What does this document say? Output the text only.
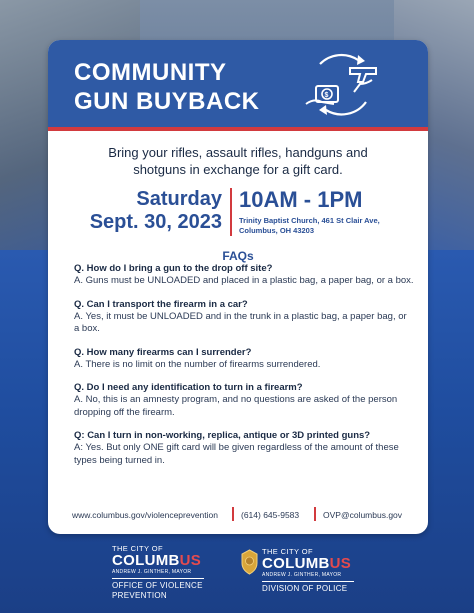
COMMUNITY
GUN BUYBACK	$
Bring your rifles, assault rifles, handguns and shotguns in exchange for a gift card.
Saturday
Sept. 30, 2023
10AM - 1PM
Trinity Baptist Church, 461 St Clair Ave,
Columbus, OH 43203
FAQs
Q. How do I bring a gun to the drop off site?
A. Guns must be UNLOADED and placed in a plastic bag, a paper bag, or a box.
Q. Can I transport the firearm in a car?
A. Yes, it must be UNLOADED and in the trunk in a plastic bag, a paper bag, or a box.
Q. How many firearms can I surrender?
A. There is no limit on the number of firearms surrendered.
Q. Do I need any identification to turn in a firearm?
A. No, this is an amnesty program, and no questions are asked of the person dropping off the firearm.
Q: Can I turn in non-working, replica, antique or 3D printed guns?
A: Yes. But only ONE gift card will be given regardless of the amount of these types being turned in.
www.columbus.gov/violenceprevention	(614) 645-9583	OVP@columbus.gov
THE CITY OF
COLUMBUS
ANDREW J. GINTHER, MAYOR
OFFICE OF VIOLENCE
PREVENTION
THE CITY OF
COLUMBUS
ANDREW J. GINTHER, MAYOR
DIVISION OF POLICE
